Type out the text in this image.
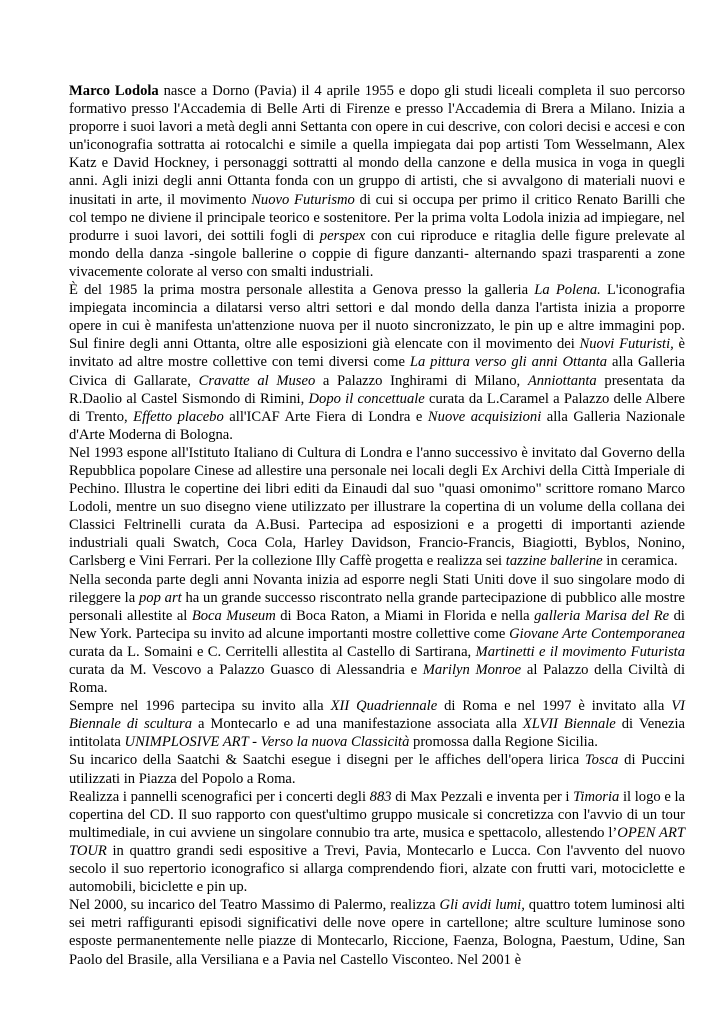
Marco Lodola nasce a Dorno (Pavia) il 4 aprile 1955 e dopo gli studi liceali completa il suo percorso formativo presso l'Accademia di Belle Arti di Firenze e presso l'Accademia di Brera a Milano. Inizia a proporre i suoi lavori a metà degli anni Settanta con opere in cui descrive, con colori decisi e accesi e con un'iconografia sottratta ai rotocalchi e simile a quella impiegata dai pop artisti Tom Wesselmann, Alex Katz e David Hockney, i personaggi sottratti al mondo della canzone e della musica in voga in quegli anni. Agli inizi degli anni Ottanta fonda con un gruppo di artisti, che si avvalgono di materiali nuovi e inusitati in arte, il movimento Nuovo Futurismo di cui si occupa per primo il critico Renato Barilli che col tempo ne diviene il principale teorico e sostenitore. Per la prima volta Lodola inizia ad impiegare, nel produrre i suoi lavori, dei sottili fogli di perspex con cui riproduce e ritaglia delle figure prelevate al mondo della danza -singole ballerine o coppie di figure danzanti- alternando spazi trasparenti a zone vivacemente colorate al verso con smalti industriali.

È del 1985 la prima mostra personale allestita a Genova presso la galleria La Polena. L'iconografia impiegata incomincia a dilatarsi verso altri settori e dal mondo della danza l'artista inizia a proporre opere in cui è manifesta un'attenzione nuova per il nuoto sincronizzato, le pin up e altre immagini pop. Sul finire degli anni Ottanta, oltre alle esposizioni già elencate con il movimento dei Nuovi Futuristi, è invitato ad altre mostre collettive con temi diversi come La pittura verso gli anni Ottanta alla Galleria Civica di Gallarate, Cravatte al Museo a Palazzo Inghirami di Milano, Anniottanta presentata da R.Daolio al Castel Sismondo di Rimini, Dopo il concettuale curata da L.Caramel a Palazzo delle Albere di Trento, Effetto placebo all'ICAF Arte Fiera di Londra e Nuove acquisizioni alla Galleria Nazionale d'Arte Moderna di Bologna.

Nel 1993 espone all'Istituto Italiano di Cultura di Londra e l'anno successivo è invitato dal Governo della Repubblica popolare Cinese ad allestire una personale nei locali degli Ex Archivi della Città Imperiale di Pechino. Illustra le copertine dei libri editi da Einaudi dal suo "quasi omonimo" scrittore romano Marco Lodoli, mentre un suo disegno viene utilizzato per illustrare la copertina di un volume della collana dei Classici Feltrinelli curata da A.Busi. Partecipa ad esposizioni e a progetti di importanti aziende industriali quali Swatch, Coca Cola, Harley Davidson, Francio-Francis, Biagiotti, Byblos, Nonino, Carlsberg e Vini Ferrari. Per la collezione Illy Caffè progetta e realizza sei tazzine ballerine in ceramica.

Nella seconda parte degli anni Novanta inizia ad esporre negli Stati Uniti dove il suo singolare modo di rileggere la pop art ha un grande successo riscontrato nella grande partecipazione di pubblico alle mostre personali allestite al Boca Museum di Boca Raton, a Miami in Florida e nella galleria Marisa del Re di New York. Partecipa su invito ad alcune importanti mostre collettive come Giovane Arte Contemporanea curata da L. Somaini e C. Cerritelli allestita al Castello di Sartirana, Martinetti e il movimento Futurista curata da M. Vescovo a Palazzo Guasco di Alessandria e Marilyn Monroe al Palazzo della Civiltà di Roma.

Sempre nel 1996 partecipa su invito alla XII Quadriennale di Roma e nel 1997 è invitato alla VI Biennale di scultura a Montecarlo e ad una manifestazione associata alla XLVII Biennale di Venezia intitolata UNIMPLOSIVE ART - Verso la nuova Classicità promossa dalla Regione Sicilia.

Su incarico della Saatchi & Saatchi esegue i disegni per le affiches dell'opera lirica Tosca di Puccini utilizzati in Piazza del Popolo a Roma.

Realizza i pannelli scenografici per i concerti degli 883 di Max Pezzali e inventa per i Timoria il logo e la copertina del CD. Il suo rapporto con quest'ultimo gruppo musicale si concretizza con l'avvio di un tour multimediale, in cui avviene un singolare connubio tra arte, musica e spettacolo, allestendo l’OPEN ART TOUR in quattro grandi sedi espositive a Trevi, Pavia, Montecarlo e Lucca. Con l'avvento del nuovo secolo il suo repertorio iconografico si allarga comprendendo fiori, alzate con frutti vari, motociclette e automobili, biciclette e pin up.

Nel 2000, su incarico del Teatro Massimo di Palermo, realizza Gli avidi lumi, quattro totem luminosi alti sei metri raffiguranti episodi significativi delle nove opere in cartellone; altre sculture luminose sono esposte permanentemente nelle piazze di Montecarlo, Riccione, Faenza, Bologna, Paestum, Udine, San Paolo del Brasile, alla Versiliana e a Pavia nel Castello Visconteo. Nel 2001 è
